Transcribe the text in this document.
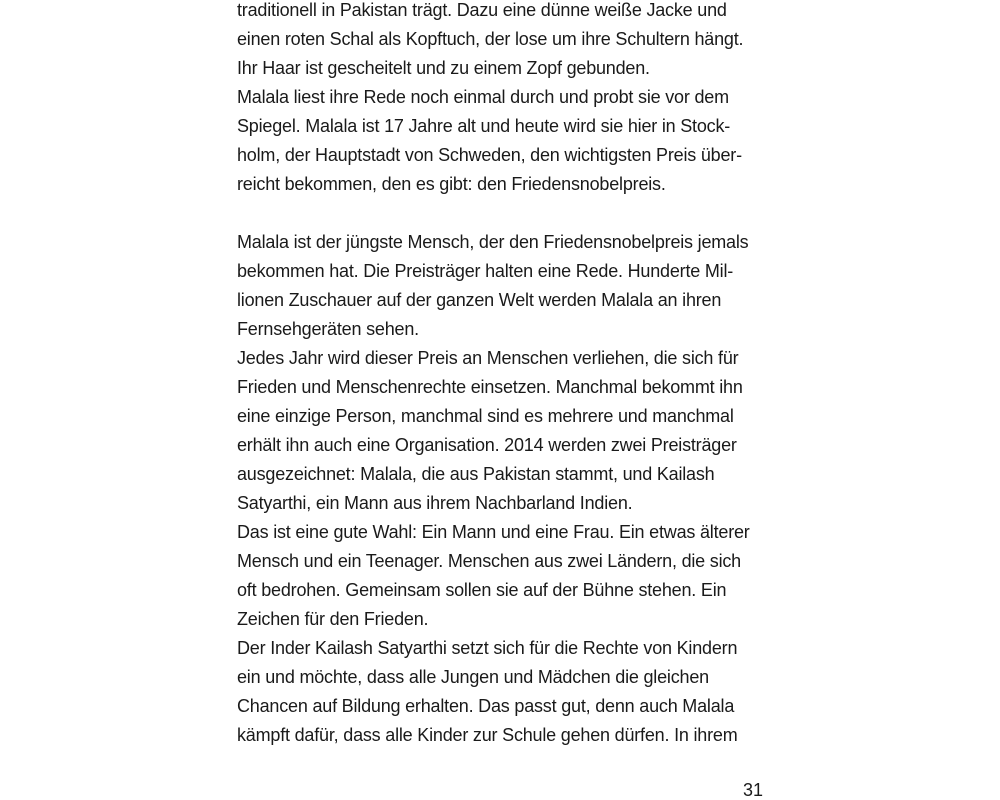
traditionell in Pakistan trägt. Dazu eine dünne weiße Jacke und
einen roten Schal als Kopftuch, der lose um ihre Schultern hängt.
Ihr Haar ist gescheitelt und zu einem Zopf gebunden.
Malala liest ihre Rede noch einmal durch und probt sie vor dem
Spiegel. Malala ist 17 Jahre alt und heute wird sie hier in Stock-
holm, der Hauptstadt von Schweden, den wichtigsten Preis über-
reicht bekommen, den es gibt: den Friedensnobelpreis.
Malala ist der jüngste Mensch, der den Friedensnobelpreis jemals
bekommen hat. Die Preisträger halten eine Rede. Hunderte Mil-
lionen Zuschauer auf der ganzen Welt werden Malala an ihren
Fernsehgeräten sehen.
Jedes Jahr wird dieser Preis an Menschen verliehen, die sich für
Frieden und Menschenrechte einsetzen. Manchmal bekommt ihn
eine einzige Person, manchmal sind es mehrere und manchmal
erhält ihn auch eine Organisation. 2014 werden zwei Preisträger
ausgezeichnet: Malala, die aus Pakistan stammt, und Kailash
Satyarthi, ein Mann aus ihrem Nachbarland Indien.
Das ist eine gute Wahl: Ein Mann und eine Frau. Ein etwas älterer
Mensch und ein Teenager. Menschen aus zwei Ländern, die sich
oft bedrohen. Gemeinsam sollen sie auf der Bühne stehen. Ein
Zeichen für den Frieden.
Der Inder Kailash Satyarthi setzt sich für die Rechte von Kindern
ein und möchte, dass alle Jungen und Mädchen die gleichen
Chancen auf Bildung erhalten. Das passt gut, denn auch Malala
kämpft dafür, dass alle Kinder zur Schule gehen dürfen. In ihrem
31
